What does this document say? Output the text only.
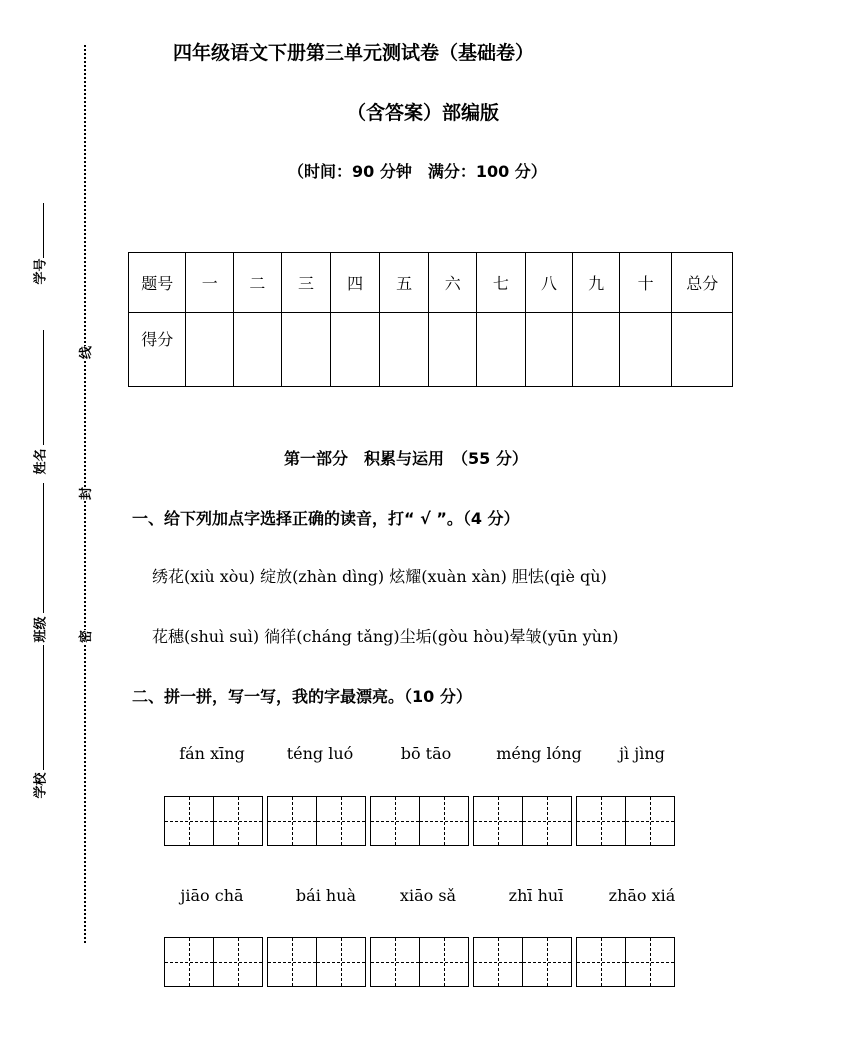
学号
姓名
班级
学校
线
封
密
四年级语文下册第三单元测试卷（基础卷）
（含答案）部编版
（时间：90 分钟　满分：100 分）
题号	一	二	三	四	五	六	七	八	九	十	总分
得分											
第一部分　积累与运用　（55 分）
一、给下列加点字选择正确的读音，打“ √ ”。（4 分）
绣花(xiù xòu) 绽放(zhàn dìng) 炫耀(xuàn xàn) 胆怯(qiè qù)
花穗(shuì suì) 徜徉(cháng tǎng)尘垢(gòu hòu)晕皱(yūn yùn)
二、拼一拼，写一写，我的字最漂亮。（10 分）
fán xīng	téng luó	bō tāo	méng lóng	jì jìng
jiāo chā	bái huà	xiāo sǎ	zhī huī	zhāo xiá
